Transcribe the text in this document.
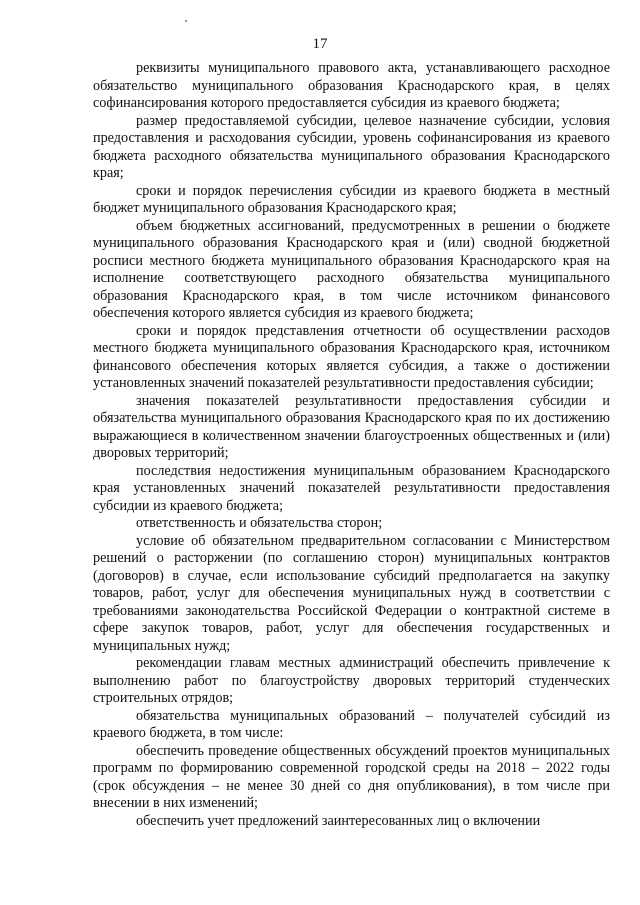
17

реквизиты муниципального правового акта, устанавливающего расходное обязательство муниципального образования Краснодарского края, в целях софинансирования которого предоставляется субсидия из краевого бюджета;

размер предоставляемой субсидии, целевое назначение субсидии, условия предоставления и расходования субсидии, уровень софинансирования из краевого бюджета расходного обязательства муниципального образования Краснодарского края;

сроки и порядок перечисления субсидии из краевого бюджета в местный бюджет муниципального образования Краснодарского края;

объем бюджетных ассигнований, предусмотренных в решении о бюджете муниципального образования Краснодарского края и (или) сводной бюджетной росписи местного бюджета муниципального образования Краснодарского края на исполнение соответствующего расходного обязательства муниципального образования Краснодарского края, в том числе источником финансового обеспечения которого является субсидия из краевого бюджета;

сроки и порядок представления отчетности об осуществлении расходов местного бюджета муниципального образования Краснодарского края, источником финансового обеспечения которых является субсидия, а также о достижении установленных значений показателей результативности предоставления субсидии;

значения показателей результативности предоставления субсидии и обязательства муниципального образования Краснодарского края по их достижению выражающиеся в количественном значении благоустроенных общественных и (или) дворовых территорий;

последствия недостижения муниципальным образованием Краснодарского края установленных значений показателей результативности предоставления субсидии из краевого бюджета;

ответственность и обязательства сторон;

условие об обязательном предварительном согласовании с Министерством решений о расторжении (по соглашению сторон) муниципальных контрактов (договоров) в случае, если использование субсидий предполагается на закупку товаров, работ, услуг для обеспечения муниципальных нужд в соответствии с требованиями законодательства Российской Федерации о контрактной системе в сфере закупок товаров, работ, услуг для обеспечения государственных и муниципальных нужд;

рекомендации главам местных администраций обеспечить привлечение к выполнению работ по благоустройству дворовых территорий студенческих строительных отрядов;

обязательства муниципальных образований – получателей субсидий из краевого бюджета, в том числе:

обеспечить проведение общественных обсуждений проектов муниципальных программ по формированию современной городской среды на 2018 – 2022 годы (срок обсуждения – не менее 30 дней со дня опубликования), в том числе при внесении в них изменений;

обеспечить учет предложений заинтересованных лиц о включении
